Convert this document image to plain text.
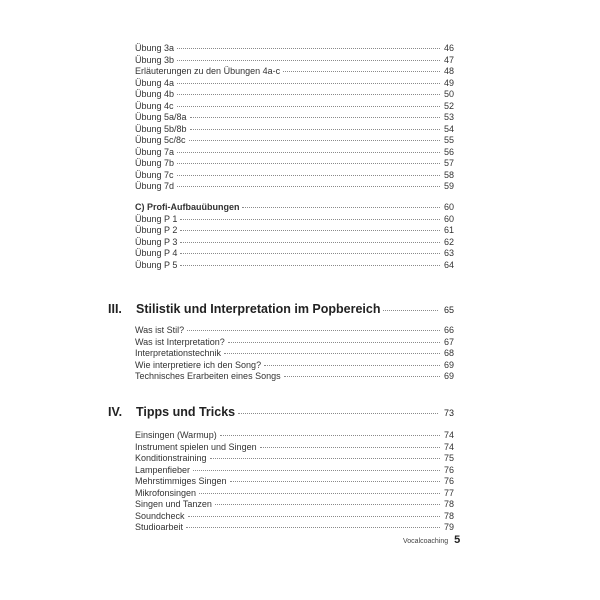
Übung 3a	46
Übung 3b	47
Erläuterungen zu den Übungen 4a-c	48
Übung 4a	49
Übung 4b	50
Übung 4c	52
Übung 5a/8a	53
Übung 5b/8b	54
Übung 5c/8c	55
Übung 7a	56
Übung 7b	57
Übung 7c	58
Übung 7d	59
C) Profi-Aufbauübungen	60
Übung P 1	60
Übung P 2	61
Übung P 3	62
Übung P 4	63
Übung P 5	64
III.	Stilistik und Interpretation im Popbereich	65
Was ist Stil?	66
Was ist Interpretation?	67
Interpretationstechnik	68
Wie interpretiere ich den Song?	69
Technisches Erarbeiten eines Songs	69
IV.	Tipps und Tricks	73
Einsingen (Warmup)	74
Instrument spielen und Singen	74
Konditionstraining	75
Lampenfieber	76
Mehrstimmiges Singen	76
Mikrofonsingen	77
Singen und Tanzen	78
Soundcheck	78
Studioarbeit	79
Vocalcoaching 5
